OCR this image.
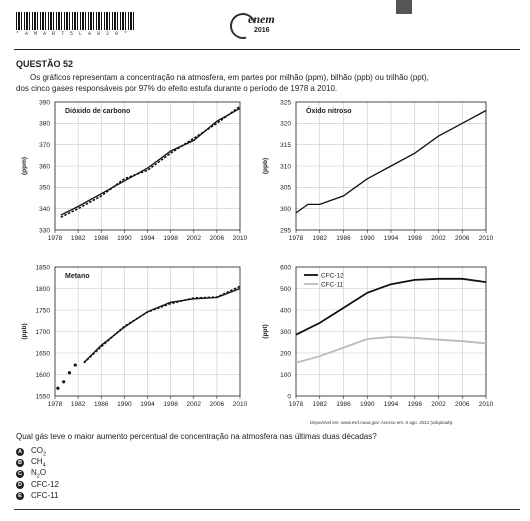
* A M A R 7 5 L A 8 2 0 *
enem
2016
QUESTÃO 52

Os gráficos representam a concentração na atmosfera, em partes por milhão (ppm), bilhão (ppb) ou trilhão (ppt),

dos cinco gases responsáveis por 97% do efeito estufa durante o período de 1978 a 2010.

1978 1982 1986 1990 1994 1998 2002 2006 2010
330
340
350
360
370
380
390
(ppm)
Dióxido de carbono
1978 1982 1986 1990 1994 1998 2002 2006 2010
295
300
305
310
315
320
325
(ppb)
Óxido nitroso
1978 1982 1986 1990 1994 1998 2002 2006 2010
1550
1600
1650
1700
1750
1800
1850
(ppb)
Metano
1978 1982 1986 1990 1994 1998 2002 2006 2010
0
100
200
300
400
500
600
(ppt)
CFC-12
CFC-11
Disponível em: www.esrl.noaa.gov. Acesso em: 6 ago. 2012 (adaptado).
Qual gás teve o maior aumento percentual de concentração na atmosfera nas últimas duas décadas?
A $CO_2$
B $CH_4$
C $N_2O$
D CFC-12
E CFC-11
